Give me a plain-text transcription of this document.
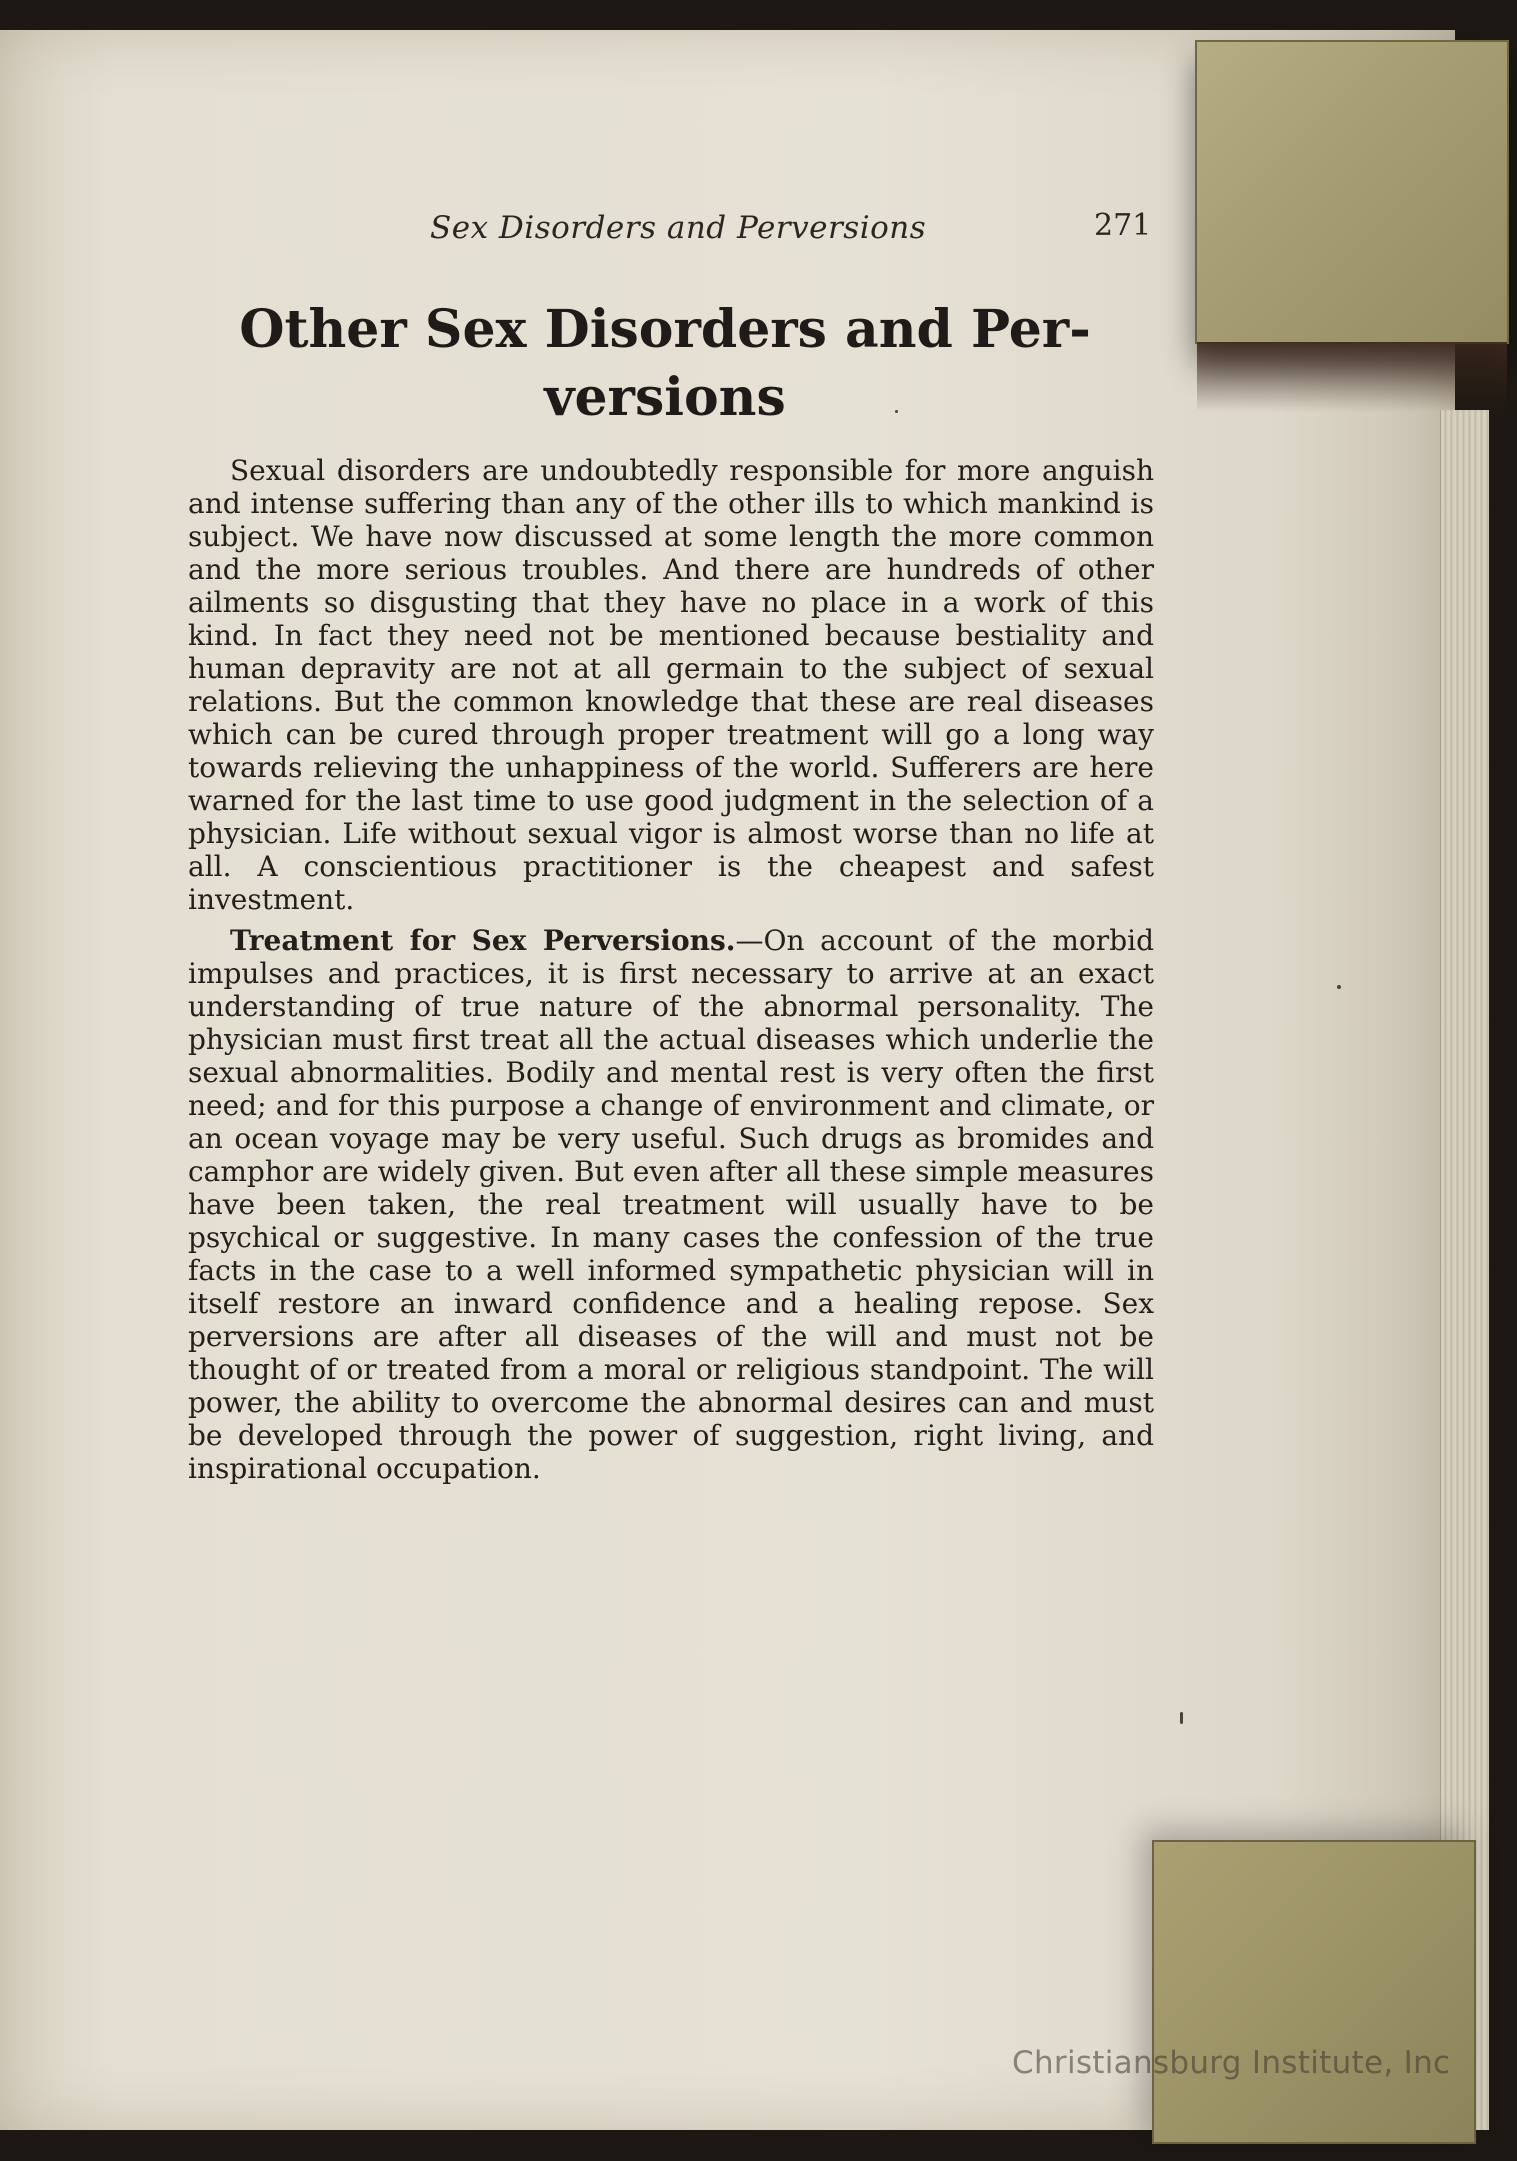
Sex Disorders and Perversions	271
Other Sex Disorders and Per-
versions

Sexual disorders are undoubtedly responsible for more anguish and intense suffering than any of the other ills to which mankind is subject. We have now discussed at some length the more common and the more serious troubles. And there are hundreds of other ailments so disgusting that they have no place in a work of this kind. In fact they need not be mentioned because bestiality and human depravity are not at all germain to the subject of sexual relations. But the common knowledge that these are real diseases which can be cured through proper treatment will go a long way towards relieving the unhappiness of the world. Sufferers are here warned for the last time to use good judgment in the selection of a physician. Life without sexual vigor is almost worse than no life at all. A conscientious practitioner is the cheapest and safest investment.

Treatment for Sex Perversions.—On account of the morbid impulses and practices, it is first necessary to arrive at an exact understanding of true nature of the abnormal personality. The physician must first treat all the actual diseases which underlie the sexual abnormalities. Bodily and mental rest is very often the first need; and for this purpose a change of environment and climate, or an ocean voyage may be very useful. Such drugs as bromides and camphor are widely given. But even after all these simple measures have been taken, the real treatment will usually have to be psychical or suggestive. In many cases the confession of the true facts in the case to a well informed sympathetic physician will in itself restore an inward confidence and a healing repose. Sex perversions are after all diseases of the will and must not be thought of or treated from a moral or religious standpoint. The will power, the ability to overcome the abnormal desires can and must be developed through the power of suggestion, right living, and inspirational occupation.

Christiansburg Institute, Inc
